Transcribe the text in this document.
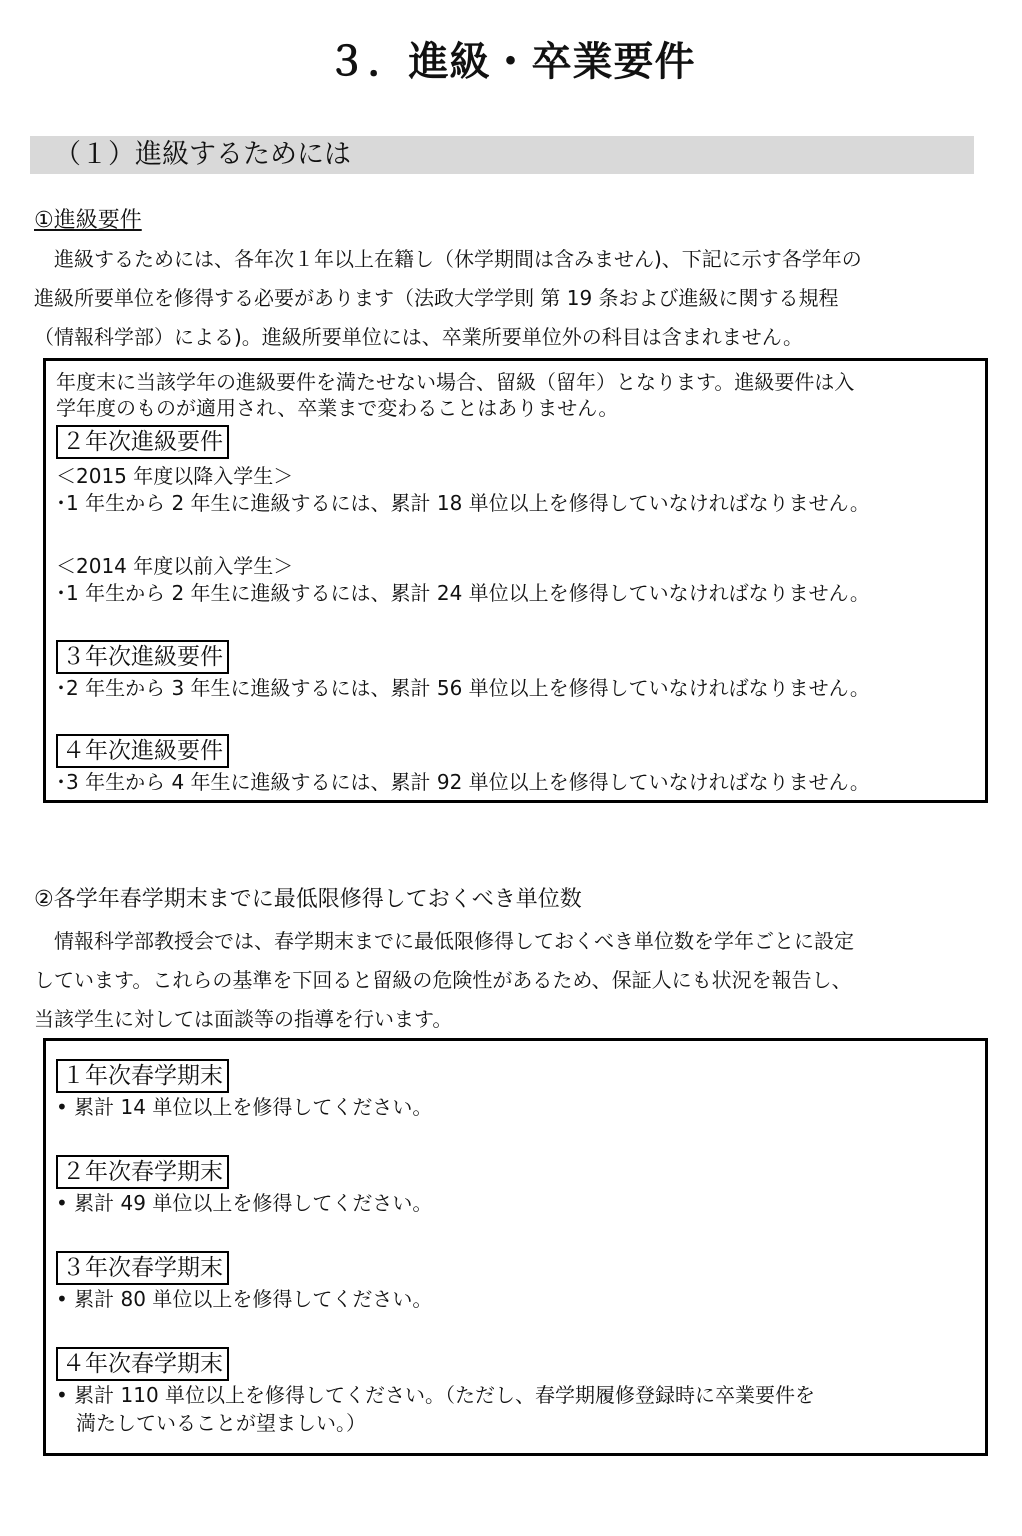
３．進級・卒業要件
（１）進級するためには
①進級要件
　進級するためには、各年次１年以上在籍し（休学期間は含みません)、下記に示す各学年の
進級所要単位を修得する必要があります（法政大学学則 第 19 条および進級に関する規程
（情報科学部）による)。進級所要単位には、卒業所要単位外の科目は含まれません。
年度末に当該学年の進級要件を満たせない場合、留級（留年）となります。進級要件は入
学年度のものが適用され、卒業まで変わることはありません。
２年次進級要件
＜2015 年度以降入学生＞
･1 年生から 2 年生に進級するには、累計 18 単位以上を修得していなければなりません。
＜2014 年度以前入学生＞
･1 年生から 2 年生に進級するには、累計 24 単位以上を修得していなければなりません。
３年次進級要件
･2 年生から 3 年生に進級するには、累計 56 単位以上を修得していなければなりません。
４年次進級要件
･3 年生から 4 年生に進級するには、累計 92 単位以上を修得していなければなりません。
②各学年春学期末までに最低限修得しておくべき単位数
　情報科学部教授会では、春学期末までに最低限修得しておくべき単位数を学年ごとに設定
しています。これらの基準を下回ると留級の危険性があるため、保証人にも状況を報告し、
当該学生に対しては面談等の指導を行います。
１年次春学期末
• 累計 14 単位以上を修得してください。
２年次春学期末
• 累計 49 単位以上を修得してください。
３年次春学期末
• 累計 80 単位以上を修得してください。
４年次春学期末
• 累計 110 単位以上を修得してください。（ただし、春学期履修登録時に卒業要件を
　満たしていることが望ましい。）
